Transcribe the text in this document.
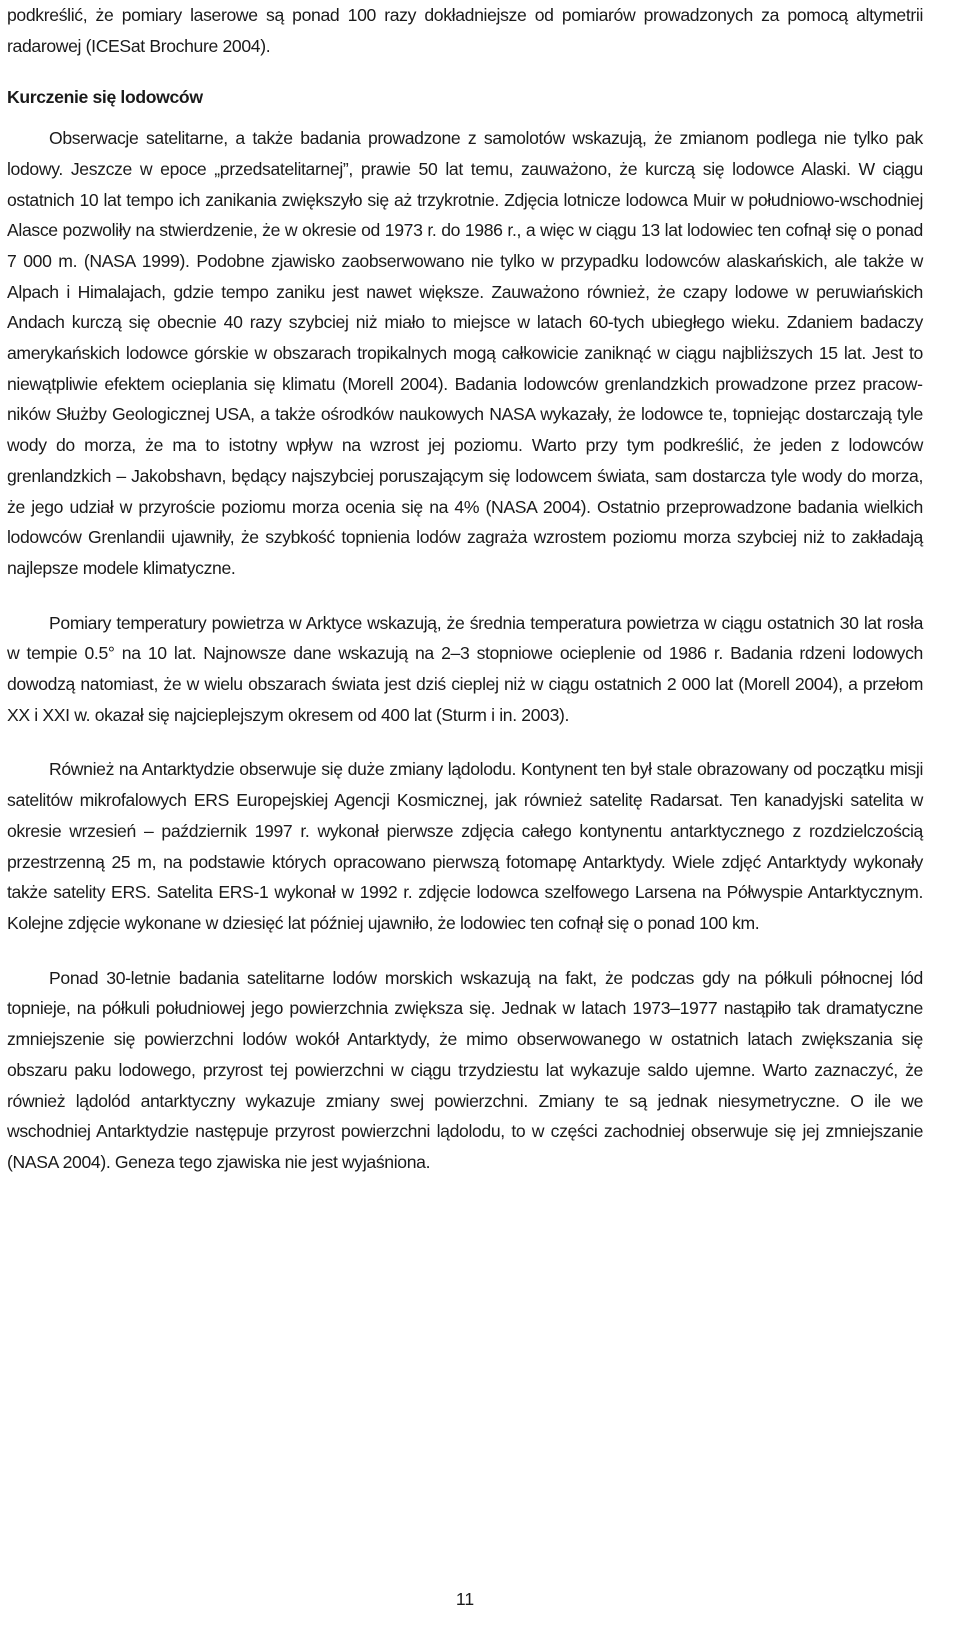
podkreślić, że pomiary laserowe są ponad 100 razy dokładniejsze od pomiarów prowadzonych za pomocą altymetrii radarowej (ICESat Brochure 2004).

Kurczenie się lodowców

Obserwacje satelitarne, a także badania prowadzone z samolotów wskazują, że zmianom podlega nie tylko pak lodowy. Jeszcze w epoce „przedsatelitarnej”, prawie 50 lat temu, zauważono, że kurczą się lodowce Alaski. W ciągu ostatnich 10 lat tempo ich zanikania zwiększyło się aż trzykrotnie. Zdjęcia lotnicze lodowca Muir w południowo-wschodniej Alasce pozwoliły na stwierdzenie, że w okresie od 1973 r. do 1986 r., a więc w ciągu 13 lat lodowiec ten cofnął się o ponad 7 000 m. (NASA 1999). Podobne zjawisko zaobserwowano nie tylko w przypadku lodowców alaskańskich, ale także w Alpach i Himalajach, gdzie tempo zaniku jest nawet większe. Zauważono również, że czapy lodowe w peruwiańskich Andach kurczą się obecnie 40 razy szybciej niż miało to miejsce w latach 60-tych ubiegłego wieku. Zdaniem badaczy amerykańskich lodowce górskie w obszarach tropikalnych mogą całkowicie zaniknąć w ciągu najbliższych 15 lat. Jest to niewątpliwie efektem ocieplania się klimatu (Morell 2004). Badania lodowców grenlandzkich prowadzone przez pracowników Służby Geologicznej USA, a także ośrodków naukowych NASA wykazały, że lodowce te, topniejąc dostarczają tyle wody do morza, że ma to istotny wpływ na wzrost jej poziomu. Warto przy tym podkreślić, że jeden z lodowców grenlandzkich – Jakobshavn, będący najszybciej poruszającym się lodowcem świata, sam dostarcza tyle wody do morza, że jego udział w przyroście poziomu morza ocenia się na 4% (NASA 2004). Ostatnio przeprowadzone badania wielkich lodowców Grenlandii ujawniły, że szybkość topnienia lodów zagraża wzrostem poziomu morza szybciej niż to zakładają najlepsze modele klimatyczne.

Pomiary temperatury powietrza w Arktyce wskazują, że średnia temperatura powietrza w ciągu ostatnich 30 lat rosła w tempie 0.5° na 10 lat. Najnowsze dane wskazują na 2–3 stopniowe ocieplenie od 1986 r. Badania rdzeni lodowych dowodzą natomiast, że w wielu obszarach świata jest dziś cieplej niż w ciągu ostatnich 2 000 lat (Morell 2004), a przełom XX i XXI w. okazał się najcieplejszym okresem od 400 lat (Sturm i in. 2003).

Również na Antarktydzie obserwuje się duże zmiany lądolodu. Kontynent ten był stale obrazowany od początku misji satelitów mikrofalowych ERS Europejskiej Agencji Kosmicznej, jak również satelitę Radarsat. Ten kanadyjski satelita w okresie wrzesień – październik 1997 r. wykonał pierwsze zdjęcia całego kontynentu antarktycznego z rozdzielczością przestrzenną 25 m, na podstawie których opracowano pierwszą fotomapę Antarktydy. Wiele zdjęć Antarktydy wykonały także satelity ERS. Satelita ERS-1 wykonał w 1992 r. zdjęcie lodowca szelfowego Larsena na Półwyspie Antarktycznym. Kolejne zdjęcie wykonane w dziesięć lat później ujawniło, że lodowiec ten cofnął się o ponad 100 km.

Ponad 30-letnie badania satelitarne lodów morskich wskazują na fakt, że podczas gdy na półkuli północnej lód topnieje, na półkuli południowej jego powierzchnia zwiększa się. Jednak w latach 1973–1977 nastąpiło tak dramatyczne zmniejszenie się powierzchni lodów wokół Antarktydy, że mimo obserwowanego w ostatnich latach zwiększania się obszaru paku lodowego, przyrost tej powierzchni w ciągu trzydziestu lat wykazuje saldo ujemne. Warto zaznaczyć, że również lądolód antarktyczny wykazuje zmiany swej powierzchni. Zmiany te są jednak niesymetryczne. O ile we wschodniej Antarktydzie następuje przyrost powierzchni lądolodu, to w części zachodniej obserwuje się jej zmniejszanie (NASA 2004). Geneza tego zjawiska nie jest wyjaśniona.

11
